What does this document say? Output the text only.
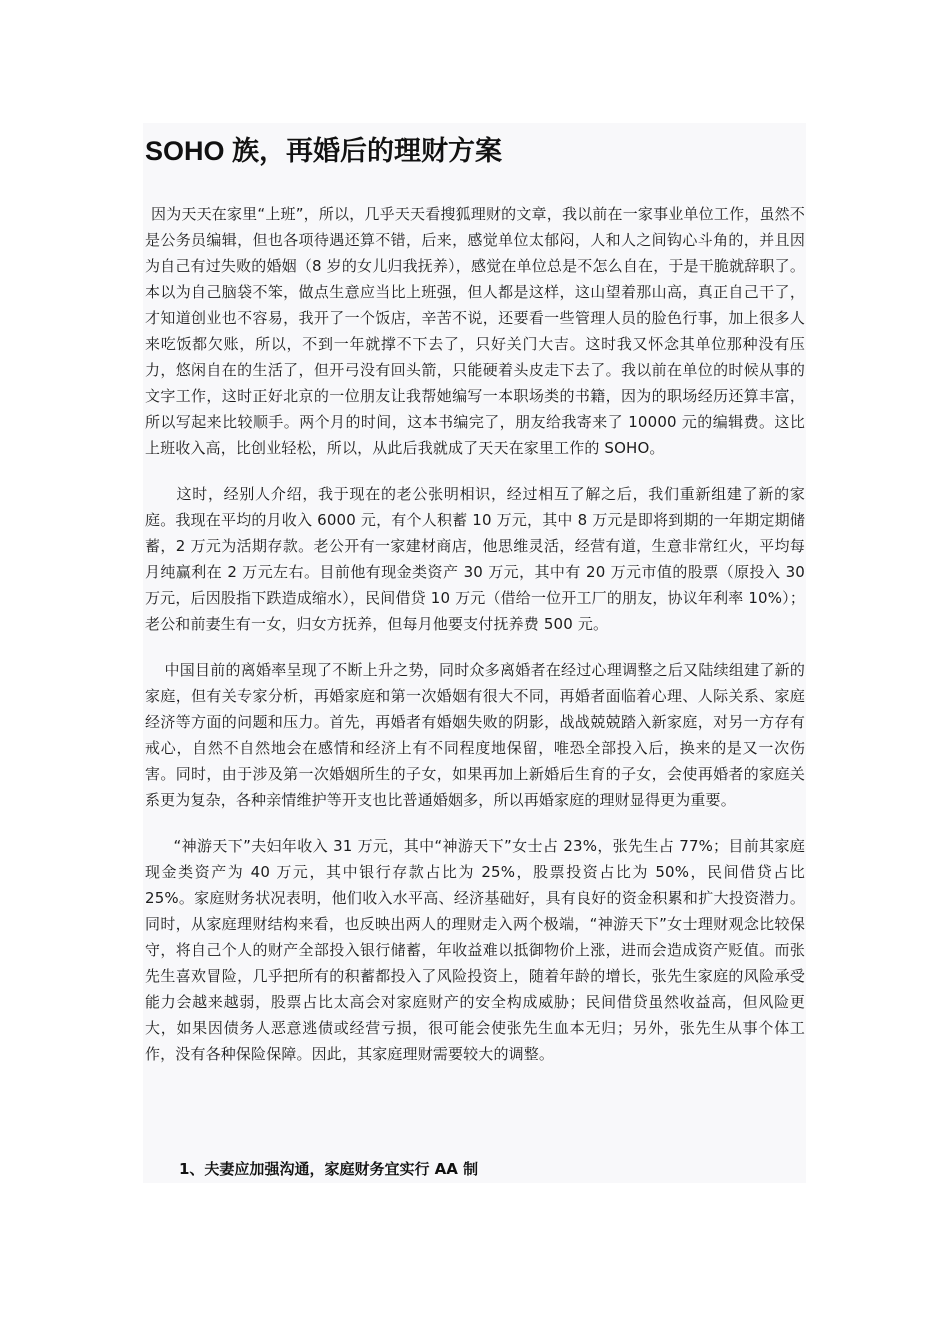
SOHO 族，再婚后的理财方案

因为天天在家里“上班”，所以，几乎天天看搜狐理财的文章，我以前在一家事业单位工作，虽然不是公务员编辑，但也各项待遇还算不错，后来，感觉单位太郁闷，人和人之间钩心斗角的，并且因为自己有过失败的婚姻（8 岁的女儿归我抚养），感觉在单位总是不怎么自在，于是干脆就辞职了。本以为自己脑袋不笨，做点生意应当比上班强，但人都是这样，这山望着那山高，真正自己干了，才知道创业也不容易，我开了一个饭店，辛苦不说，还要看一些管理人员的脸色行事，加上很多人来吃饭都欠账，所以，不到一年就撑不下去了，只好关门大吉。这时我又怀念其单位那种没有压力，悠闲自在的生活了，但开弓没有回头箭，只能硬着头皮走下去了。我以前在单位的时候从事的文字工作，这时正好北京的一位朋友让我帮她编写一本职场类的书籍，因为的职场经历还算丰富，所以写起来比较顺手。两个月的时间，这本书编完了，朋友给我寄来了 10000 元的编辑费。这比上班收入高，比创业轻松，所以，从此后我就成了天天在家里工作的 SOHO。

这时，经别人介绍，我于现在的老公张明相识，经过相互了解之后，我们重新组建了新的家庭。我现在平均的月收入 6000 元，有个人积蓄 10 万元，其中 8 万元是即将到期的一年期定期储蓄，2 万元为活期存款。老公开有一家建材商店，他思维灵活，经营有道，生意非常红火，平均每月纯赢利在 2 万元左右。目前他有现金类资产 30 万元，其中有 20 万元市值的股票（原投入 30 万元，后因股指下跌造成缩水），民间借贷 10 万元（借给一位开工厂的朋友，协议年利率 10%）；老公和前妻生有一女，归女方抚养，但每月他要支付抚养费 500 元。

中国目前的离婚率呈现了不断上升之势，同时众多离婚者在经过心理调整之后又陆续组建了新的家庭，但有关专家分析，再婚家庭和第一次婚姻有很大不同，再婚者面临着心理、人际关系、家庭经济等方面的问题和压力。首先，再婚者有婚姻失败的阴影，战战兢兢踏入新家庭，对另一方存有戒心，自然不自然地会在感情和经济上有不同程度地保留，唯恐全部投入后，换来的是又一次伤害。同时，由于涉及第一次婚姻所生的子女，如果再加上新婚后生育的子女，会使再婚者的家庭关系更为复杂，各种亲情维护等开支也比普通婚姻多，所以再婚家庭的理财显得更为重要。

“神游天下”夫妇年收入 31 万元，其中“神游天下”女士占 23%，张先生占 77%；目前其家庭现金类资产为 40 万元，其中银行存款占比为 25%，股票投资占比为 50%，民间借贷占比 25%。家庭财务状况表明，他们收入水平高、经济基础好，具有良好的资金积累和扩大投资潜力。同时，从家庭理财结构来看，也反映出两人的理财走入两个极端，“神游天下”女士理财观念比较保守，将自己个人的财产全部投入银行储蓄，年收益难以抵御物价上涨，进而会造成资产贬值。而张先生喜欢冒险，几乎把所有的积蓄都投入了风险投资上，随着年龄的增长，张先生家庭的风险承受能力会越来越弱，股票占比太高会对家庭财产的安全构成威胁；民间借贷虽然收益高，但风险更大，如果因债务人恶意逃债或经营亏损，很可能会使张先生血本无归；另外，张先生从事个体工作，没有各种保险保障。因此，其家庭理财需要较大的调整。

1、夫妻应加强沟通，家庭财务宜实行 AA 制
